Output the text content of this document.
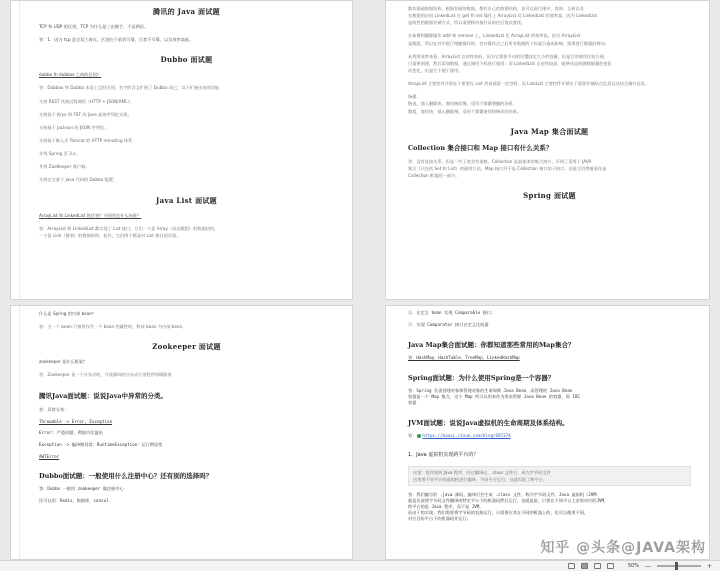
腾讯的 Java 面试题
TCP 和 UDP 的区别，TCP 为什么是三次握手，不是两次。
答：1．因为 tcp 是全双工协议，区别在于前者可靠，后者不可靠，以及效率高低。
Dubbo 面试题
dubbo 和 dubbox 之间的区别？
答：Dubbox 和 Dubbo 本质上没有区别，名字的含义扩展了 Dubbo 而已，以下扩展出来的功能
支持 REST 风格远程调用（HTTP + JSON/XML）；
支持基于 Kryo 和 FST 的 Java 高效序列化实现；
支持基于 Jackson 的 JSON 序列化；
支持基于嵌入式 Tomcat 的 HTTP remoting 体系；
升级 Spring 至 3.x；
升级 ZooKeeper 客户端；
支持完全基于 Java 代码的 Dubbo 配置；
Java List 面试题
ArrayList 和 LinkedList 的区别？分别用在什么场景？
答：ArrayList 和 LinkedList 都实现了 List 接口，它们一个是 Array（动态数组）的数据结构，
一个是 Link（链表）的数据结构，此外，它们两个都是对 List 接口的实现。
都有基础数据结构，根据存储的数据，都有自己的数据结构，也可以进行排序、查询、互转以及
在数据的访问 LinkedList 在 get 和 set 操作上 ArrayList 比 LinkedList 的效率高，因为 LinkedList
是线性的数据存储方式，所以需要移动指针从前往后依次查找。
在新增和删除操作 add 和 remove 上，LinkedList 比 ArrayList 的效率高，因为 ArrayList
是数组，所以在其中进行增删操作时，会对操作点之后所有数据的下标索引造成影响，需要进行数据的移动。
从利用效率来看，ArrayList 自由性较低，因为它需要手动的设置固定大小的容量，但是它的使用比较方便，
只需要创建，然后添加数据，通过调用下标进行使用；而 LinkedList 自由性较高，能够动态的随数据量的变化
而变化，但是它不便于使用。
ArrayList 主要控件开销在于需要在 List 列表预留一定空间；而 LinkList 主要控件开销在于需要存储结点信息以及结点指针信息。
场景：
链表，插入删除快，查找修改慢。适用于频繁增删的场景。
数组，查找快，插入删除慢。适用于频繁查找和修改的场景。
Java Map 集合面试题
Collection 集合接口和 Map 接口有什么关系？
答：没有直接关系，但是一些子类会有依赖，Collection 是最基本的集合接口，声明了适用于 JAVA
集合（只包括 Set 和 List）的通用方法。Map 接口并不是 Collection 接口的子接口，但是它仍然被看作是
Collection 框架的一部分。
Spring 面试题
什么是 Spring 的内部 bean？
答：当一个 bean 只被用作另一个 bean 的属性时，称该 bean 为内部 bean。
Zookeeper 面试题
zookeeper 是什么框架？
答：Zookeeper 是一个分布式的，开放源码的分布式应用程序协调服务
腾讯Java面试题：说说Java中异常的分类。
答：异常分类：
Throwable -> Error, Exception
Error: 严重问题，例如内存溢出
Exception -> 编译期异常；RuntimeException：运行期异常
AWTError
Dubbo面试题：一般使用什么注册中心？还有别的选择吗？
答：Dubbo 一般用 zookeeper 做注册中心
还可以用：Redis，数据库，consul
②．在定义 bean 实现 Comparable 接口；
③．实现 Comparator 接口自定义比较器
Java Map集合面试题：你都知道那些常用的Map集合？
答：HashMap、HashTable、TreeMap、LinkedHashMap
Spring面试题：为什么使用Spring是一个容器？
答：Spring 负责创建对象和管理对象的生命周期 Java Bean，而管理的 Java Bean
容器是一个 Map 集合，这个 Map 所可以用来作为用来管理 Java Bean 的容器，即 IOC
容器
JVM面试题：说说Java虚拟机的生命周期及体系结构。
答： https://baoxi.itvue.com/blog/697374
1、Java 虚拟机实现跨平台的？
这里：程序说明 Java 程序，经过编译后，.class 文件后，成为字节码文件
这里用不同平台的虚拟机进行编译，不同平台运行，这就实现了跨平台。
答：我们编写的 .java 源码，编译后会生成 .class 文件，称为字节码文件。Java 虚拟机（JVM）
就是负责将字节码文件翻译成特定平台下的机器码然后运行，也就是说，只要在不同平台上安装对应的JVM，
跨平台的是 Java 程序，而不是 JVM。
而由于的实现，我们需要将字节码的直接运行，只需要在其在不同的机器上的，也可以使用不同，
对应目标平台下的机器码并运行。
知乎 @头条@JAVA架构
50% —	+
